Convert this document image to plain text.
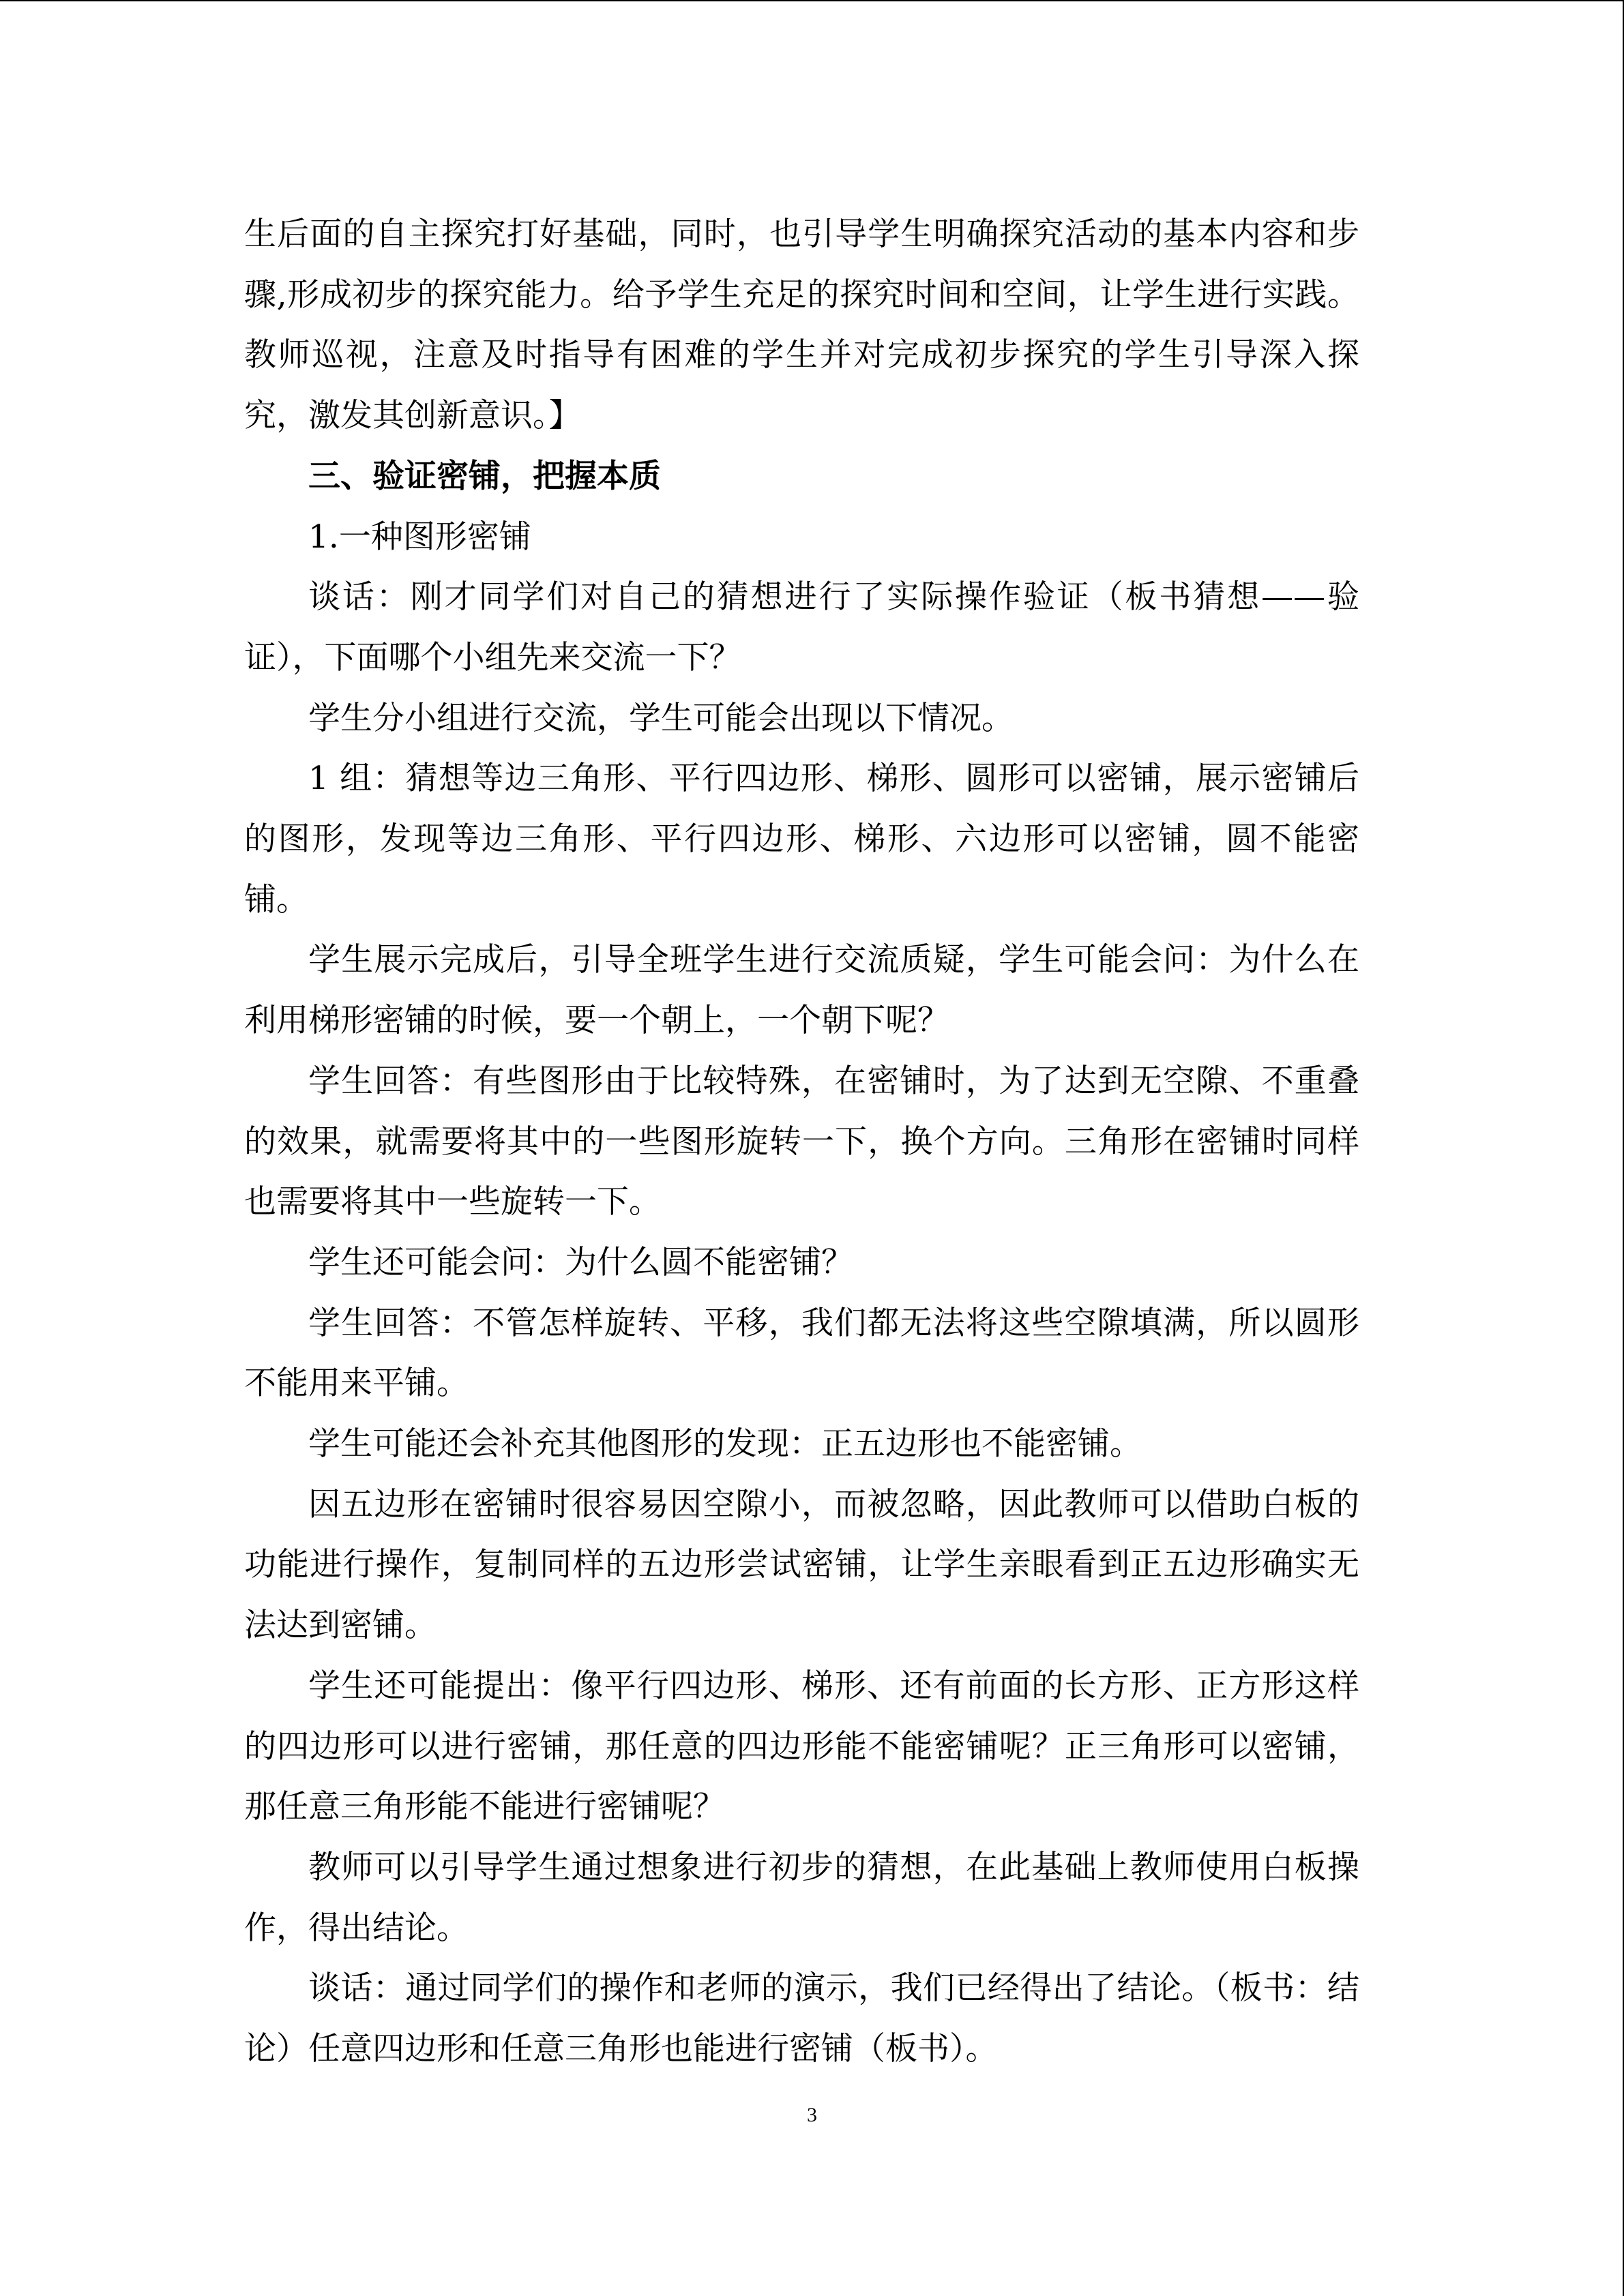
生后面的自主探究打好基础，同时，也引导学生明确探究活动的基本内容和步骤,形成初步的探究能力。给予学生充足的探究时间和空间，让学生进行实践。教师巡视，注意及时指导有困难的学生并对完成初步探究的学生引导深入探究，激发其创新意识。】

三、验证密铺，把握本质

1.一种图形密铺

谈话：刚才同学们对自己的猜想进行了实际操作验证（板书猜想——验证），下面哪个小组先来交流一下？

学生分小组进行交流，学生可能会出现以下情况。

1 组：猜想等边三角形、平行四边形、梯形、圆形可以密铺，展示密铺后的图形，发现等边三角形、平行四边形、梯形、六边形可以密铺，圆不能密铺。

学生展示完成后，引导全班学生进行交流质疑，学生可能会问：为什么在利用梯形密铺的时候，要一个朝上，一个朝下呢？

学生回答：有些图形由于比较特殊，在密铺时，为了达到无空隙、不重叠的效果，就需要将其中的一些图形旋转一下，换个方向。三角形在密铺时同样也需要将其中一些旋转一下。

学生还可能会问：为什么圆不能密铺？

学生回答：不管怎样旋转、平移，我们都无法将这些空隙填满，所以圆形不能用来平铺。

学生可能还会补充其他图形的发现：正五边形也不能密铺。

因五边形在密铺时很容易因空隙小，而被忽略，因此教师可以借助白板的功能进行操作，复制同样的五边形尝试密铺，让学生亲眼看到正五边形确实无法达到密铺。

学生还可能提出：像平行四边形、梯形、还有前面的长方形、正方形这样的四边形可以进行密铺，那任意的四边形能不能密铺呢？正三角形可以密铺，那任意三角形能不能进行密铺呢？

教师可以引导学生通过想象进行初步的猜想，在此基础上教师使用白板操作，得出结论。

谈话：通过同学们的操作和老师的演示，我们已经得出了结论。（板书：结论）任意四边形和任意三角形也能进行密铺（板书）。

3
